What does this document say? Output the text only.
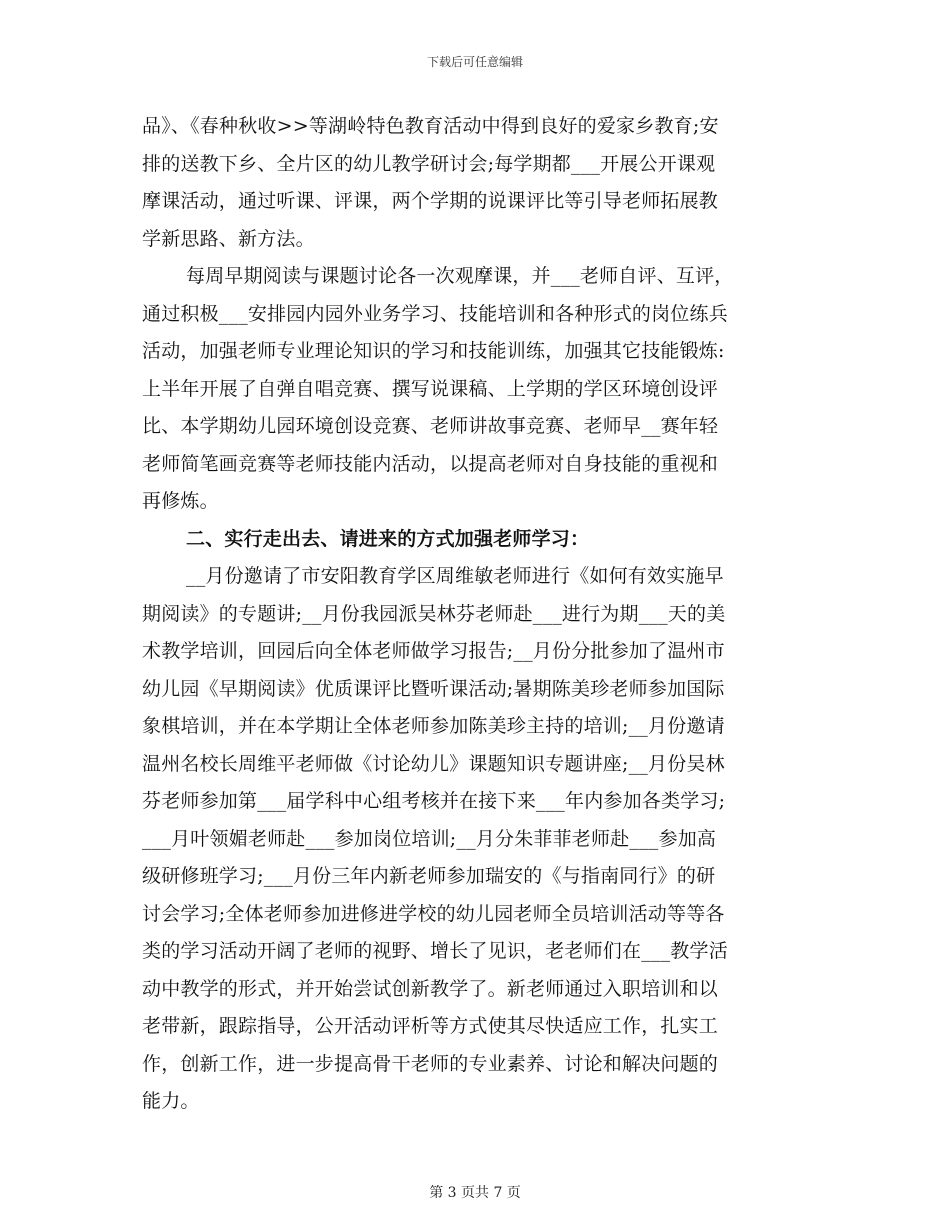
下载后可任意编辑
品》、《春种秋收>>等湖岭特色教育活动中得到良好的爱家乡教育;安
排的送教下乡、全片区的幼儿教学研讨会;每学期都___开展公开课观
摩课活动，通过听课、评课，两个学期的说课评比等引导老师拓展教
学新思路、新方法。
每周早期阅读与课题讨论各一次观摩课，并___老师自评、互评，
通过积极___安排园内园外业务学习、技能培训和各种形式的岗位练兵
活动，加强老师专业理论知识的学习和技能训练，加强其它技能锻炼:
上半年开展了自弹自唱竞赛、撰写说课稿、上学期的学区环境创设评
比、本学期幼儿园环境创设竞赛、老师讲故事竞赛、老师早__赛年轻
老师简笔画竞赛等老师技能内活动，以提高老师对自身技能的重视和
再修炼。
二、实行走出去、请进来的方式加强老师学习：
__月份邀请了市安阳教育学区周维敏老师进行《如何有效实施早
期阅读》的专题讲;__月份我园派吴林芬老师赴___进行为期___天的美
术教学培训，回园后向全体老师做学习报告;__月份分批参加了温州市
幼儿园《早期阅读》优质课评比暨听课活动;暑期陈美珍老师参加国际
象棋培训，并在本学期让全体老师参加陈美珍主持的培训;__月份邀请
温州名校长周维平老师做《讨论幼儿》课题知识专题讲座;__月份吴林
芬老师参加第___届学科中心组考核并在接下来___年内参加各类学习;
___月叶领媚老师赴___参加岗位培训;__月分朱菲菲老师赴___参加高
级研修班学习;___月份三年内新老师参加瑞安的《与指南同行》的研
讨会学习;全体老师参加进修进学校的幼儿园老师全员培训活动等等各
类的学习活动开阔了老师的视野、增长了见识，老老师们在___教学活
动中教学的形式，并开始尝试创新教学了。新老师通过入职培训和以
老带新，跟踪指导，公开活动评析等方式使其尽快适应工作，扎实工
作，创新工作，进一步提高骨干老师的专业素养、讨论和解决问题的
能力。
第 3 页共 7 页
